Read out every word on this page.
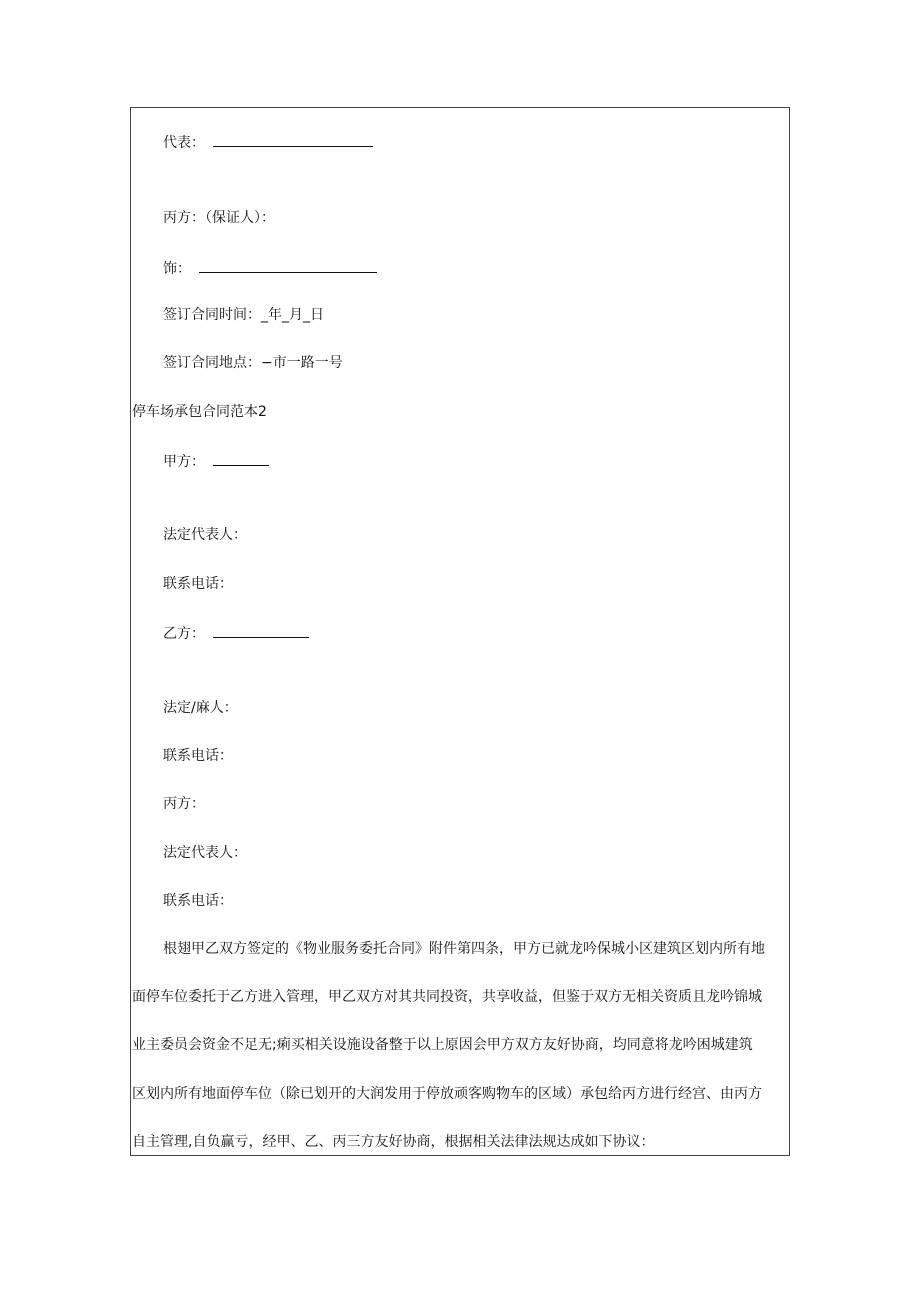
代表：
丙方：（保证人）：
饰：
签订合同时间：_年_月_日
签订合同地点：−市一路一号
停车场承包合同范本2
甲方：
法定代表人：
联系电话：
乙方：
法定/麻人：
联系电话：
丙方：
法定代表人：
联系电话：
根翅甲乙双方签定的《物业服务委托合同》附件第四条，甲方已就龙吟保城小区建筑区划内所有地
面停车位委托于乙方进入管理，甲乙双方对其共同投资，共享收益，但鉴于双方无相关资质且龙吟锦城
业主委员会资金不足无;痢买相关设施设备整于以上原因会甲方双方友好协商，均同意将龙吟困城建筑
区划内所有地面停车位（除已划开的大润发用于停放顽客购物车的区域）承包给丙方进行经宫、由丙方
自主管理,自负赢亏，经甲、乙、丙三方友好协商，根据相关法律法规达成如下协议：
